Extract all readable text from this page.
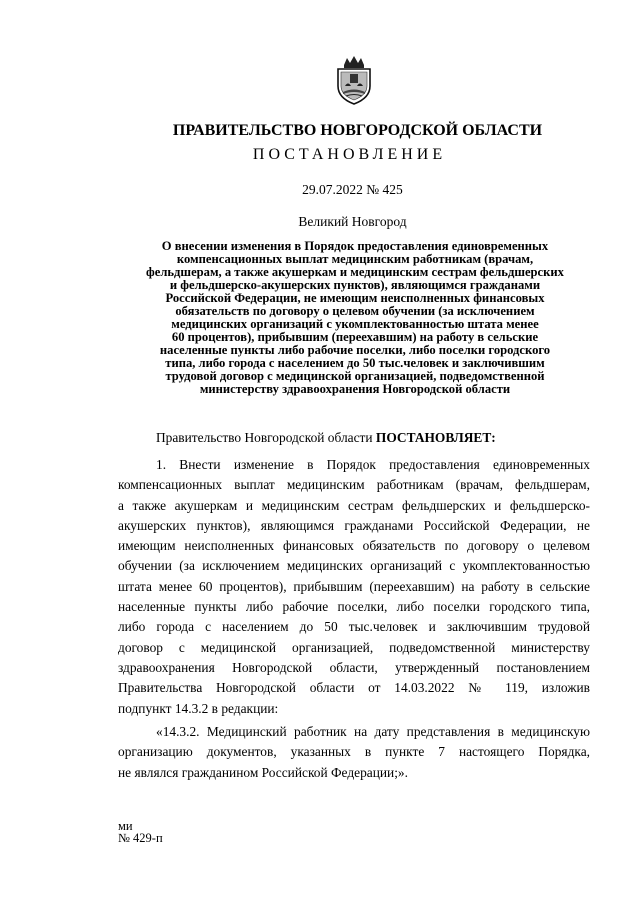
ПРАВИТЕЛЬСТВО НОВГОРОДСКОЙ ОБЛАСТИ
ПОСТАНОВЛЕНИЕ
29.07.2022 № 425
Великий Новгород
О внесении изменения в Порядок предоставления единовременных
компенсационных выплат медицинским работникам (врачам,
фельдшерам, а также акушеркам и медицинским сестрам фельдшерских
и фельдшерско-акушерских пунктов), являющимся гражданами
Российской Федерации, не имеющим неисполненных финансовых
обязательств по договору о целевом обучении (за исключением
медицинских организаций с укомплектованностью штата менее
60 процентов), прибывшим (переехавшим) на работу в сельские
населенные пункты либо рабочие поселки, либо поселки городского
типа, либо города с населением до 50 тыс.человек и заключившим
трудовой договор с медицинской организацией, подведомственной
министерству здравоохранения Новгородской области
Правительство Новгородской области ПОСТАНОВЛЯЕТ:
1. Внести изменение в Порядок предоставления единовременных
компенсационных выплат медицинским работникам (врачам, фельдшерам,
а также акушеркам и медицинским сестрам фельдшерских и фельдшерско-
акушерских пунктов), являющимся гражданами Российской Федерации, не
имеющим неисполненных финансовых обязательств по договору о целевом
обучении (за исключением медицинских организаций с укомплектованностью
штата менее 60 процентов), прибывшим (переехавшим) на работу в сельские
населенные пункты либо рабочие поселки, либо поселки городского типа,
либо города с населением до 50 тыс.человек и заключившим трудовой
договор с медицинской организацией, подведомственной министерству
здравоохранения Новгородской области, утвержденный постановлением
Правительства Новгородской области от 14.03.2022 № 119, изложив
подпункт 14.3.2 в редакции:
«14.3.2. Медицинский работник на дату представления в медицинскую
организацию документов, указанных в пункте 7 настоящего Порядка,
не являлся гражданином Российской Федерации;».
ми
№ 429-п
